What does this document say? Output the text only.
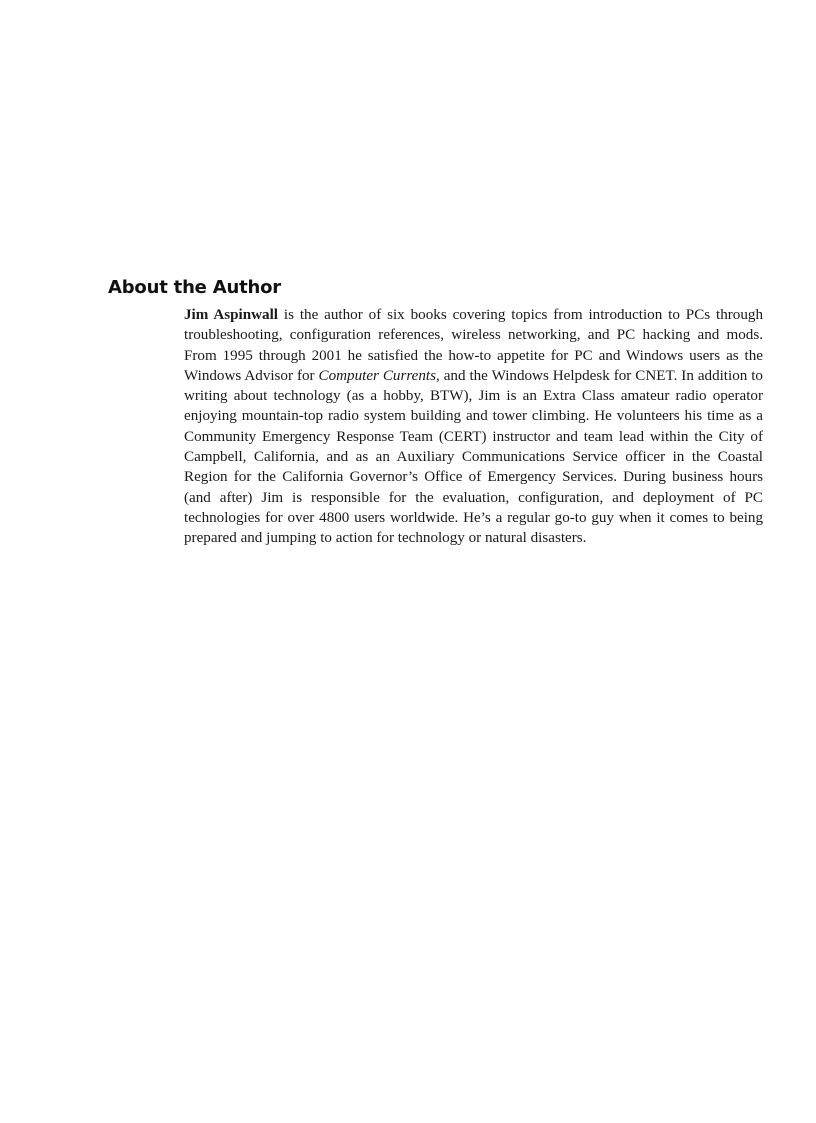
About the Author

Jim Aspinwall is the author of six books covering topics from introduction to PCs through troubleshooting, configuration references, wireless networking, and PC hacking and mods. From 1995 through 2001 he satisfied the how-to appetite for PC and Windows users as the Windows Advisor for Computer Currents, and the Windows Helpdesk for CNET. In addition to writing about technology (as a hobby, BTW), Jim is an Extra Class amateur radio operator enjoying mountain-top radio system building and tower climbing. He volunteers his time as a Community Emergency Response Team (CERT) instructor and team lead within the City of Campbell, California, and as an Auxiliary Communications Service officer in the Coastal Region for the California Governor’s Office of Emergency Services. During business hours (and after) Jim is responsible for the evaluation, configuration, and deployment of PC technologies for over 4800 users worldwide. He’s a regular go-to guy when it comes to being prepared and jumping to action for technology or natural disasters.
